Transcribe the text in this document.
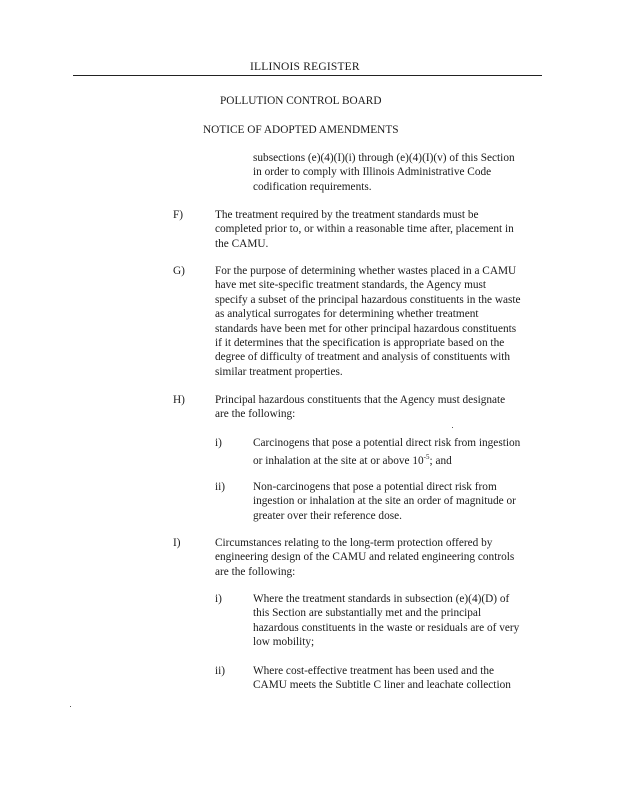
ILLINOIS REGISTER
POLLUTION CONTROL BOARD
NOTICE OF ADOPTED AMENDMENTS
subsections (e)(4)(I)(i) through (e)(4)(I)(v) of this Section
in order to comply with Illinois Administrative Code
codification requirements.
F)	The treatment required by the treatment standards must be
completed prior to, or within a reasonable time after, placement in
the CAMU.
G)	For the purpose of determining whether wastes placed in a CAMU
have met site-specific treatment standards, the Agency must
specify a subset of the principal hazardous constituents in the waste
as analytical surrogates for determining whether treatment
standards have been met for other principal hazardous constituents
if it determines that the specification is appropriate based on the
degree of difficulty of treatment and analysis of constituents with
similar treatment properties.
H)	Principal hazardous constituents that the Agency must designate
are the following:
i)	Carcinogens that pose a potential direct risk from ingestion
or inhalation at the site at or above $10^{-5}$; and
ii) Non-carcinogens that pose a potential direct risk from
ingestion or inhalation at the site an order of magnitude or
greater over their reference dose.
I)	Circumstances relating to the long-term protection offered by
engineering design of the CAMU and related engineering controls
are the following:
i)	Where the treatment standards in subsection (e)(4)(D) of
this Section are substantially met and the principal
hazardous constituents in the waste or residuals are of very
low mobility;
ii) Where cost-effective treatment has been used and the
CAMU meets the Subtitle C liner and leachate collection
